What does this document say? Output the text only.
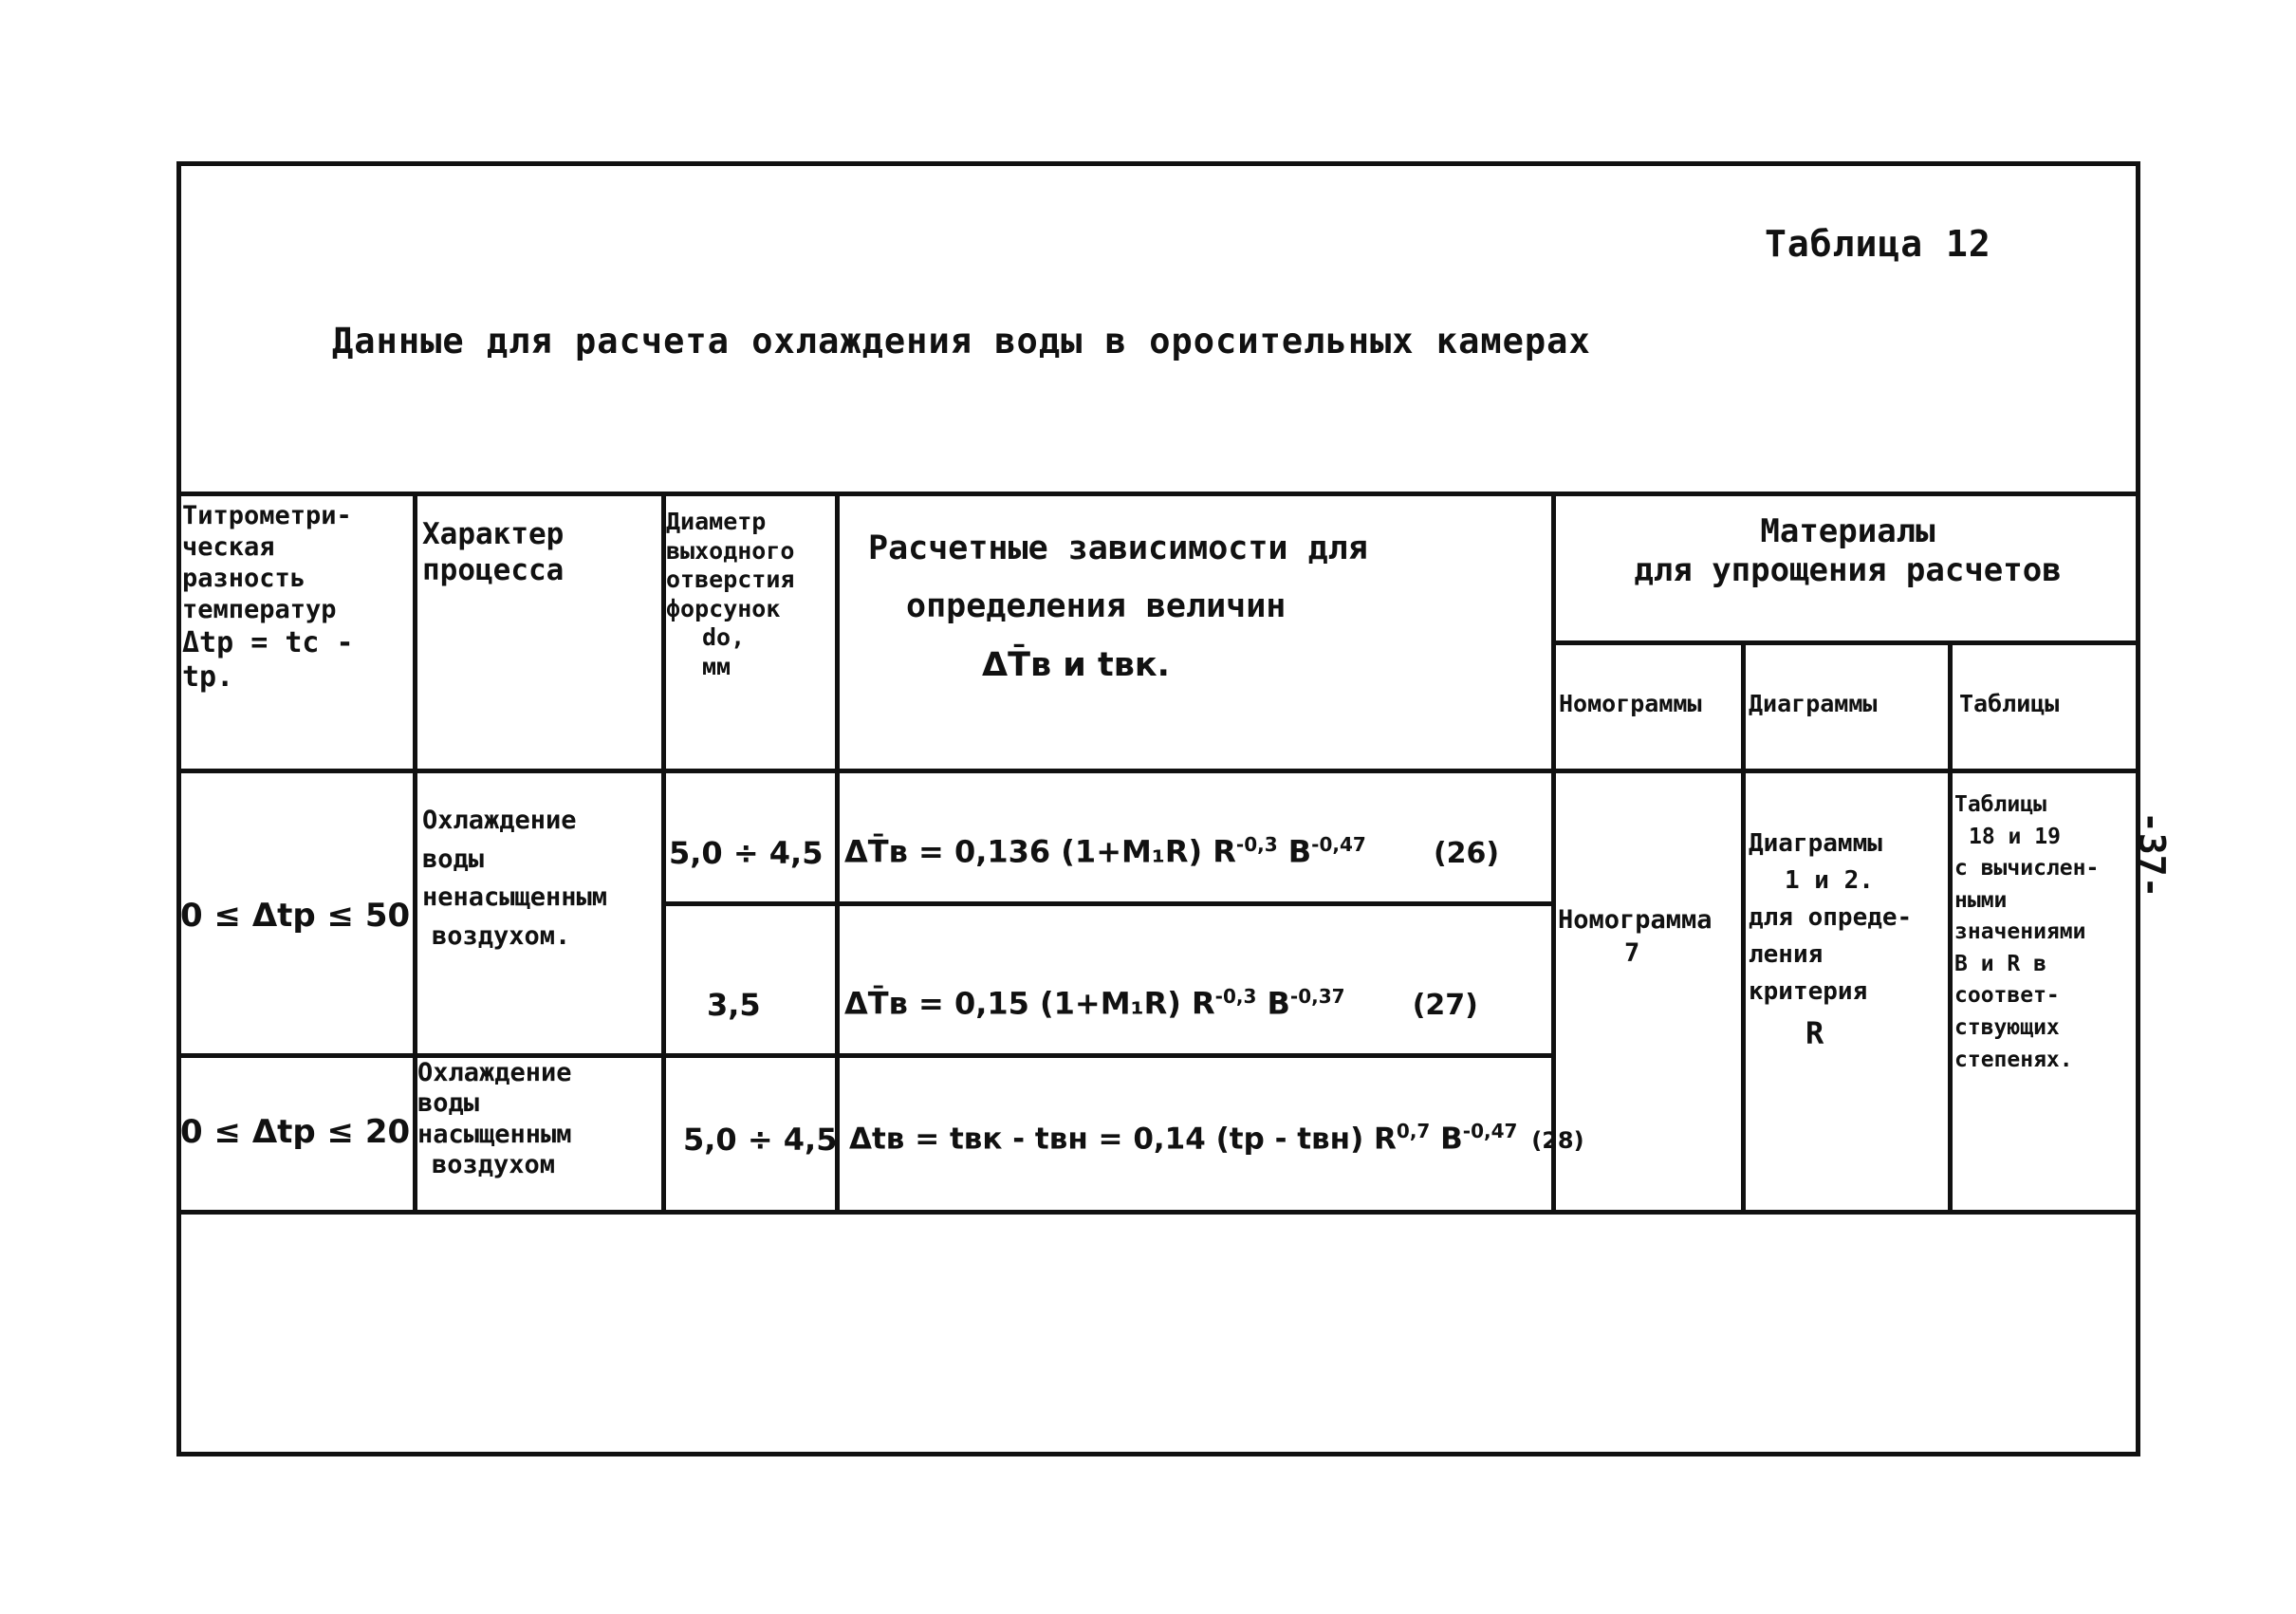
Таблица 12
Данные для расчета охлаждения воды в оросительных камерах
-37-
Титрометри-
ческая
разность
температур
Δtр = tс - tр.
Характер
процесса
Диаметр
выходного
отверстия
форсунок
dо,
мм
Расчетные зависимости для
определения величин
ΔT̄в и tвк.
Материалы
для упрощения расчетов
Номограммы	Диаграммы	Таблицы
0 ≤ Δtр ≤ 50
0 ≤ Δtр ≤ 20
Охлаждение
воды
ненасыщенным
воздухом.
Охлаждение
воды
насыщенным
воздухом
5,0 ÷ 4,5
3,5
5,0 ÷ 4,5
ΔT̄в = 0,136 (1+M₁R) $R^{-0,3}$ $B^{-0,47}$ (26)
ΔT̄в = 0,15 (1+M₁R) $R^{-0,3}$ $B^{-0,37}$ (27)
Δtв = tвк - tвн = 0,14 (tр - tвн) R$^{0,7}$ $B^{-0,47}$ (28)
Номограмма
7
Диаграммы
1 и 2.
для опреде-
ления
критерия
R
Таблицы
18 и 19
с вычислен-
ными
значениями
В и R в
соответ-
ствующих
степенях.
